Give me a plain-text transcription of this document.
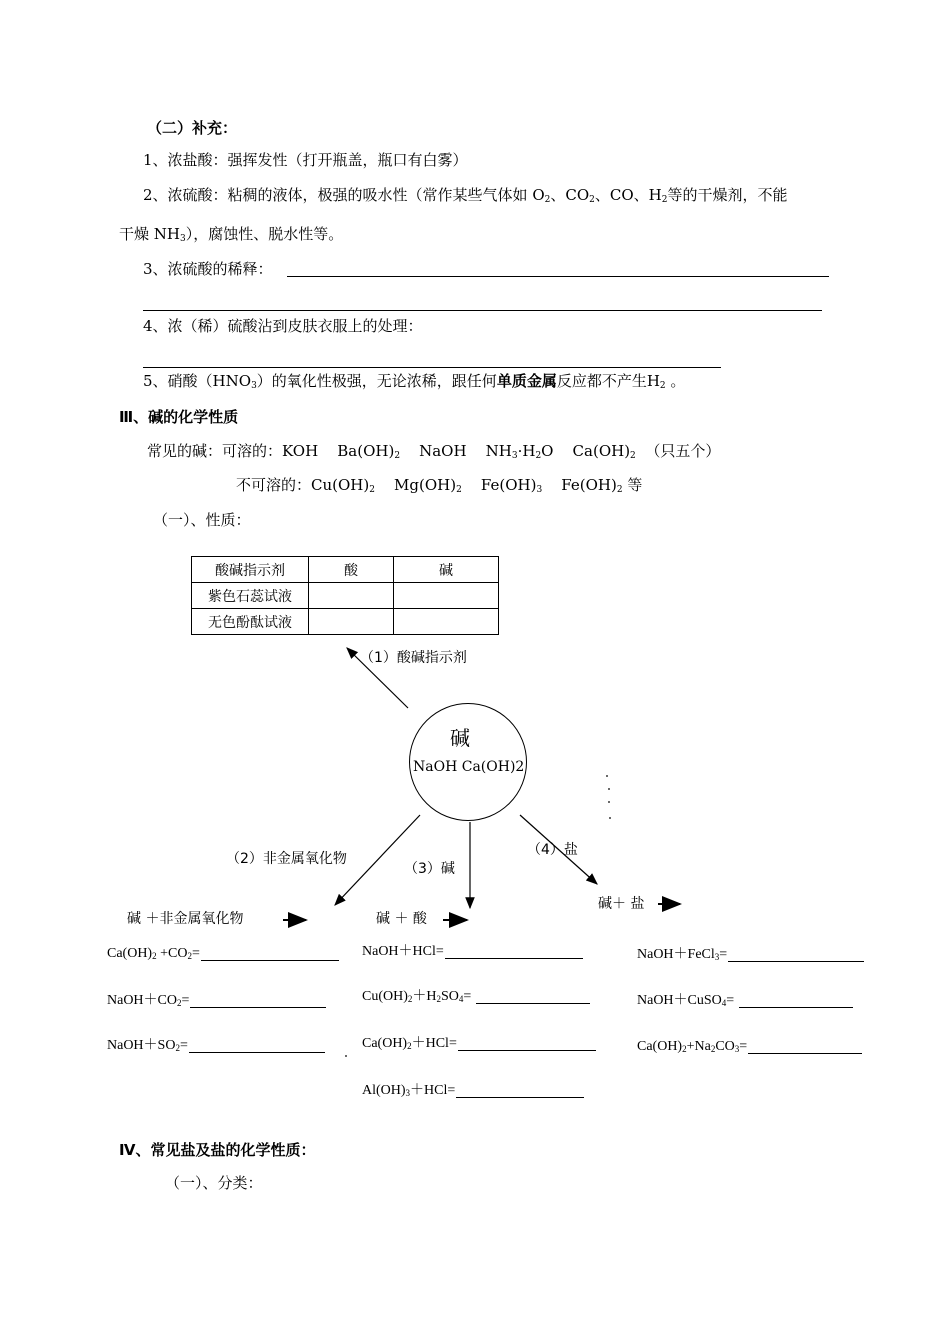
（二）补充：
1、浓盐酸：强挥发性（打开瓶盖，瓶口有白雾）
2、浓硫酸：粘稠的液体，极强的吸水性（常作某些气体如 $O_2$、$CO_2$、CO、$H_2$等的干燥剂，不能
干燥 $NH_3$），腐蚀性、脱水性等。
3、浓硫酸的稀释：
4、浓（稀）硫酸沾到皮肤衣服上的处理：
5、硝酸$(HNO_3)$的氧化性极强，无论浓稀，跟任何单质金属反应都不产生$H_2$ 。
Ⅲ、碱的化学性质
常见的碱：可溶的：KOH    $Ba(OH)_2$    NaOH    $NH_3\cdot H_2O$    $Ca(OH)_2$ （只五个）
不可溶的：$Cu(OH)_2$    $Mg(OH)_2$    $Fe(OH)_3$    $Fe(OH)_2$ 等
（一）、性质：
酸碱指示剂	酸	碱
紫色石蕊试液		
无色酚酞试液		
碱
NaOH Ca(OH)2
（1）酸碱指示剂
（2）非金属氧化物
（3）碱
（4）盐
碱 ＋非金属氧化物	碱 ＋ 酸
碱＋ 盐
$Ca(OH)_2 +CO_2=$
$NaOH+CO_2=$
$NaOH+SO_2=$
NaOH＋HCl=
$Cu(OH)_2+H_2SO_4=$
$Ca(OH)_2+HCl=$
$Al(OH)_3+HCl=$
NaOH＋FeCl$_3$=
NaOH＋CuSO$_4$=
$Ca(OH)_2+Na_2CO_3=$
Ⅳ、常见盐及盐的化学性质：
（一）、分类：
